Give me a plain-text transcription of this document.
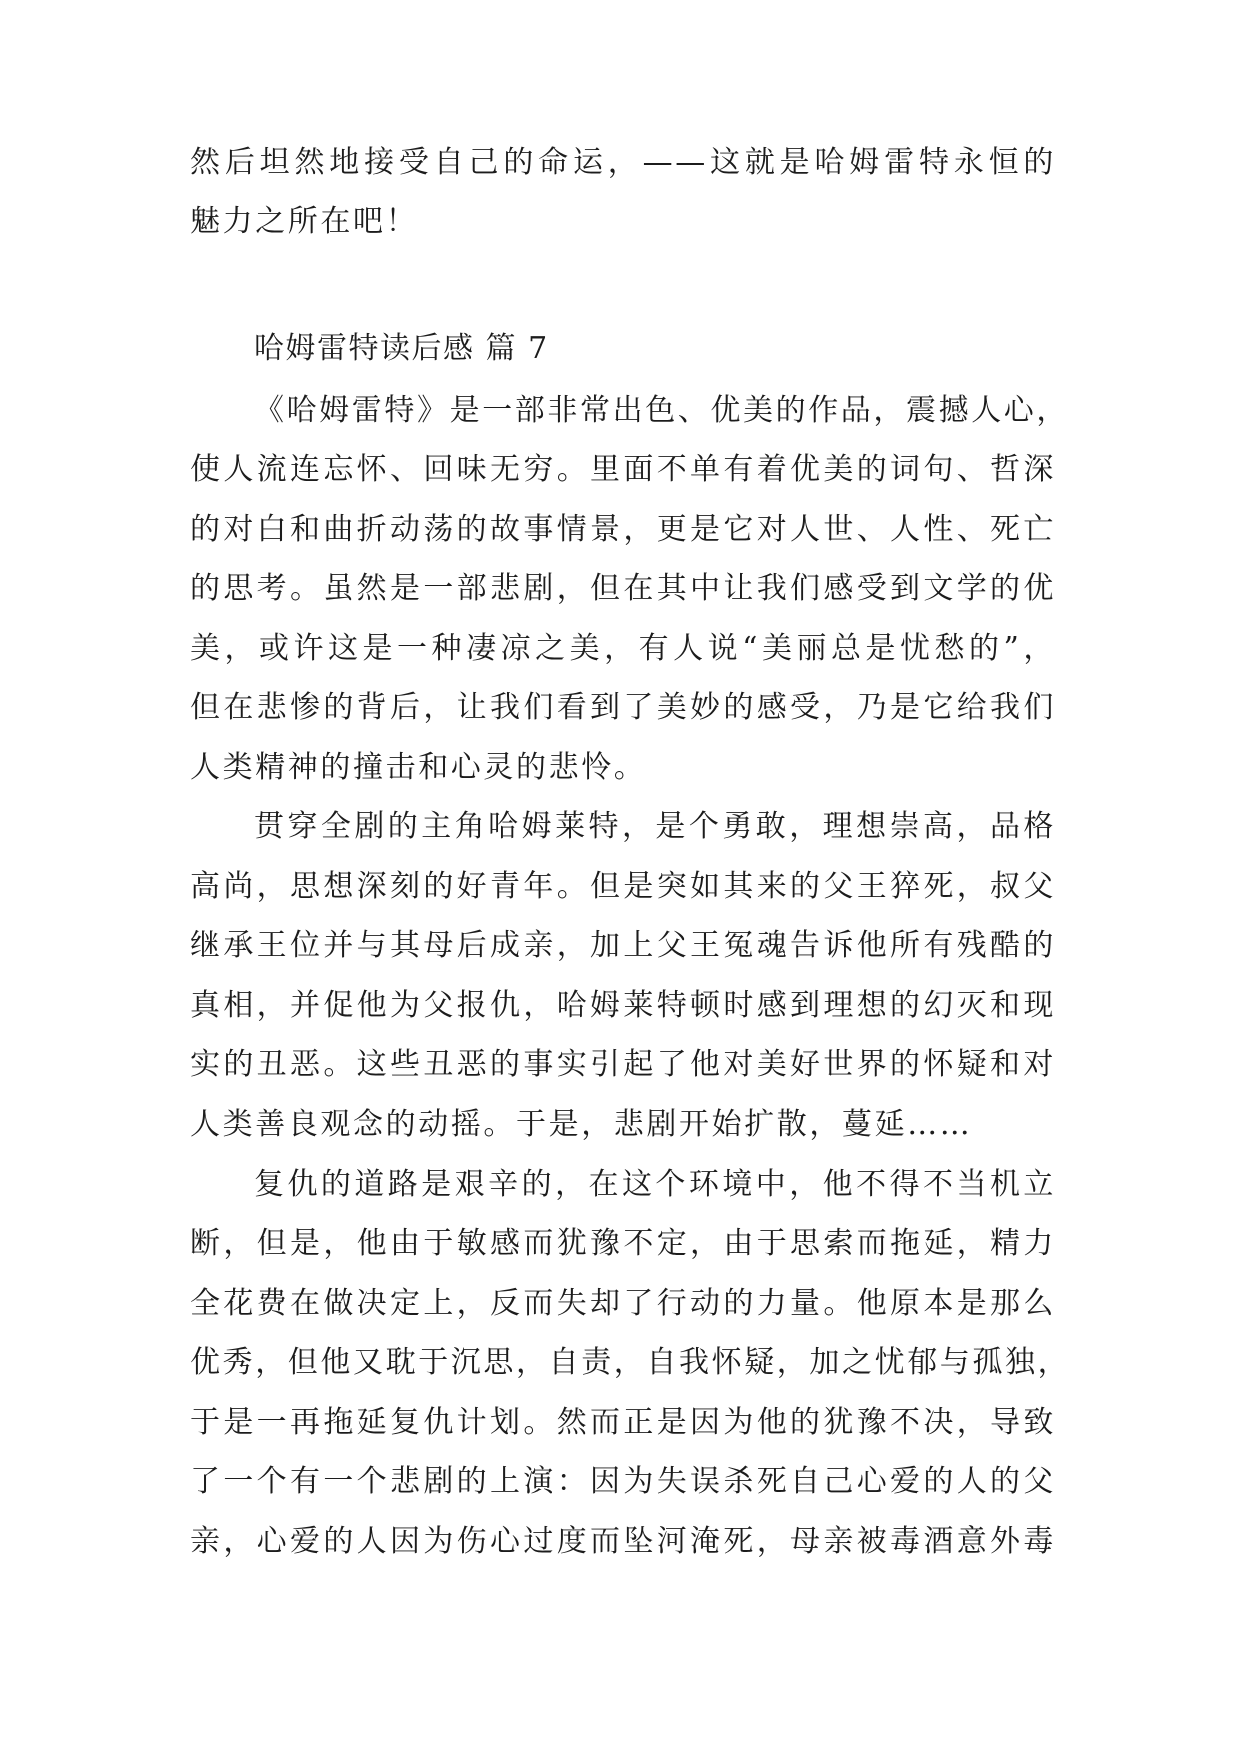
然后坦然地接受自己的命运，——这就是哈姆雷特永恒的
魅力之所在吧！
哈姆雷特读后感 篇 7
《哈姆雷特》是一部非常出色、优美的作品，震撼人心，
使人流连忘怀、回味无穷。里面不单有着优美的词句、哲深
的对白和曲折动荡的故事情景，更是它对人世、人性、死亡
的思考。虽然是一部悲剧，但在其中让我们感受到文学的优
美，或许这是一种凄凉之美，有人说“美丽总是忧愁的”，
但在悲惨的背后，让我们看到了美妙的感受，乃是它给我们
人类精神的撞击和心灵的悲怜。
贯穿全剧的主角哈姆莱特，是个勇敢，理想崇高，品格
高尚，思想深刻的好青年。但是突如其来的父王猝死，叔父
继承王位并与其母后成亲，加上父王冤魂告诉他所有残酷的
真相，并促他为父报仇，哈姆莱特顿时感到理想的幻灭和现
实的丑恶。这些丑恶的事实引起了他对美好世界的怀疑和对
人类善良观念的动摇。于是，悲剧开始扩散，蔓延……
复仇的道路是艰辛的，在这个环境中，他不得不当机立
断，但是，他由于敏感而犹豫不定，由于思索而拖延，精力
全花费在做决定上，反而失却了行动的力量。他原本是那么
优秀，但他又耽于沉思，自责，自我怀疑，加之忧郁与孤独，
于是一再拖延复仇计划。然而正是因为他的犹豫不决，导致
了一个有一个悲剧的上演：因为失误杀死自己心爱的人的父
亲，心爱的人因为伤心过度而坠河淹死，母亲被毒酒意外毒
